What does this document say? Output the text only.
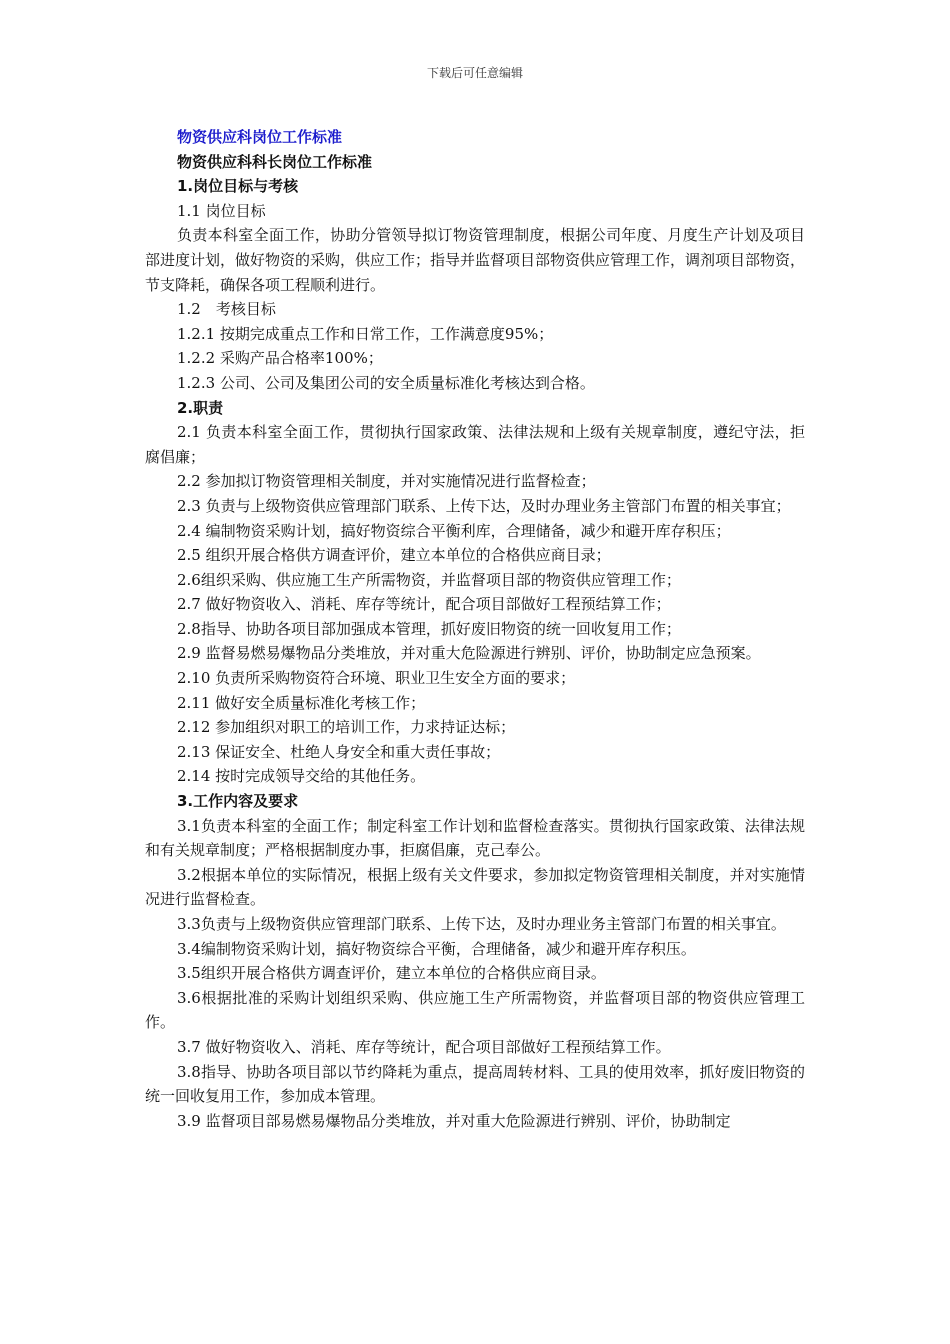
下载后可任意编辑

物资供应科岗位工作标准

物资供应科科长岗位工作标准

1.岗位目标与考核

1.1 岗位目标

负责本科室全面工作，协助分管领导拟订物资管理制度，根据公司年度、月度生产计划及项目部进度计划，做好物资的采购，供应工作；指导并监督项目部物资供应管理工作，调剂项目部物资，节支降耗，确保各项工程顺利进行。

1.2　考核目标

1.2.1 按期完成重点工作和日常工作，工作满意度95%；

1.2.2 采购产品合格率100%；

1.2.3 公司、公司及集团公司的安全质量标准化考核达到合格。

2.职责

2.1 负责本科室全面工作，贯彻执行国家政策、法律法规和上级有关规章制度，遵纪守法，拒腐倡廉；

2.2 参加拟订物资管理相关制度，并对实施情况进行监督检查；

2.3 负责与上级物资供应管理部门联系、上传下达，及时办理业务主管部门布置的相关事宜；

2.4 编制物资采购计划，搞好物资综合平衡利库，合理储备，减少和避开库存积压；

2.5 组织开展合格供方调查评价，建立本单位的合格供应商目录；

2.6组织采购、供应施工生产所需物资，并监督项目部的物资供应管理工作；

2.7 做好物资收入、消耗、库存等统计，配合项目部做好工程预结算工作；

2.8指导、协助各项目部加强成本管理，抓好废旧物资的统一回收复用工作；

2.9 监督易燃易爆物品分类堆放，并对重大危险源进行辨别、评价，协助制定应急预案。

2.10 负责所采购物资符合环境、职业卫生安全方面的要求；

2.11 做好安全质量标准化考核工作；

2.12 参加组织对职工的培训工作，力求持证达标；

2.13 保证安全、杜绝人身安全和重大责任事故；

2.14 按时完成领导交给的其他任务。

3.工作内容及要求

3.1负责本科室的全面工作；制定科室工作计划和监督检查落实。贯彻执行国家政策、法律法规和有关规章制度；严格根据制度办事，拒腐倡廉，克己奉公。

3.2根据本单位的实际情况，根据上级有关文件要求，参加拟定物资管理相关制度，并对实施情况进行监督检查。

3.3负责与上级物资供应管理部门联系、上传下达，及时办理业务主管部门布置的相关事宜。

3.4编制物资采购计划，搞好物资综合平衡，合理储备，减少和避开库存积压。

3.5组织开展合格供方调查评价，建立本单位的合格供应商目录。

3.6根据批准的采购计划组织采购、供应施工生产所需物资，并监督项目部的物资供应管理工作。

3.7 做好物资收入、消耗、库存等统计，配合项目部做好工程预结算工作。

3.8指导、协助各项目部以节约降耗为重点，提高周转材料、工具的使用效率，抓好废旧物资的统一回收复用工作，参加成本管理。

3.9 监督项目部易燃易爆物品分类堆放，并对重大危险源进行辨别、评价，协助制定
